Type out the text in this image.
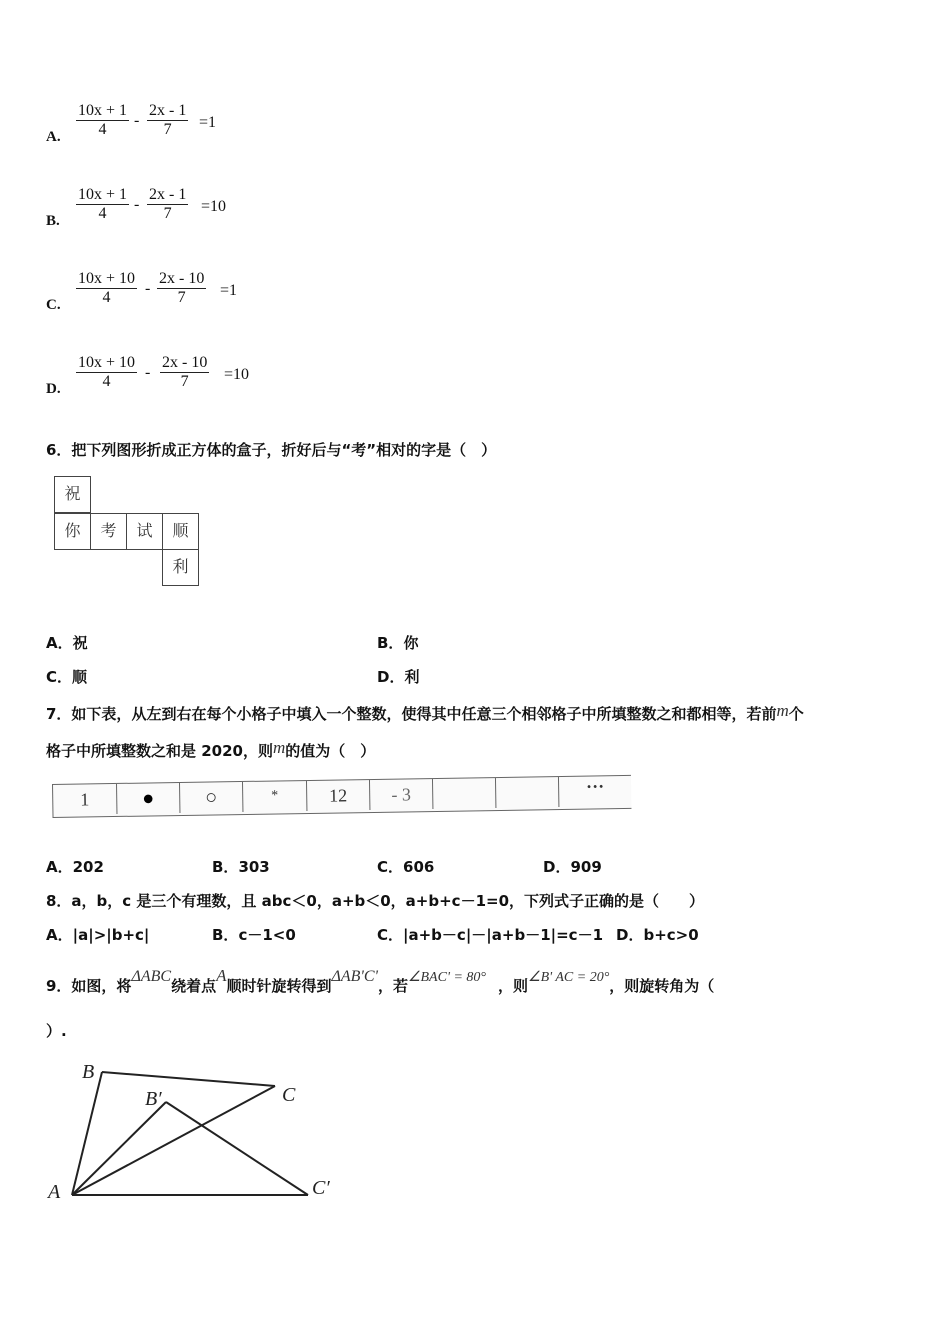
A. $\frac{10x + 1}{4} - \frac{2x - 1}{7} =1$
B. $\frac{10x + 1}{4} - \frac{2x - 1}{7} =10$
C. $\frac{10x + 10}{4} - \frac{2x - 10}{7} =1$
D. $\frac{10x + 10}{4} - \frac{2x - 10}{7} =10$
6．把下列图形折成正方体的盒子，折好后与“考”相对的字是（　）
祝
你	考	试	顺
利
A．祝	B．你
C．顺	D．利
7．如下表，从左到右在每个小格子中填入一个整数，使得其中任意三个相邻格子中所填整数之和都相等，若前m个
格子中所填整数之和是 2020，则m的值为（　）
1	●	○	*	12	- 3	···
A．202	B．303	C．606	D．909
8．a，b，c 是三个有理数，且 abc＜0，a+b＜0，a+b+c－1=0，下列式子正确的是（　　）
A．|a|>|b+c|	B．c－1<0	C．|a+b－c|－|a+b－1|=c－1 D．b+c>0
9．如图，将ΔABC绕着点A顺时针旋转得到ΔAB'C'，若∠BAC' = 80° ，则∠B' AC = 20°，则旋转角为（
）.
B
C
B′
A	C′
